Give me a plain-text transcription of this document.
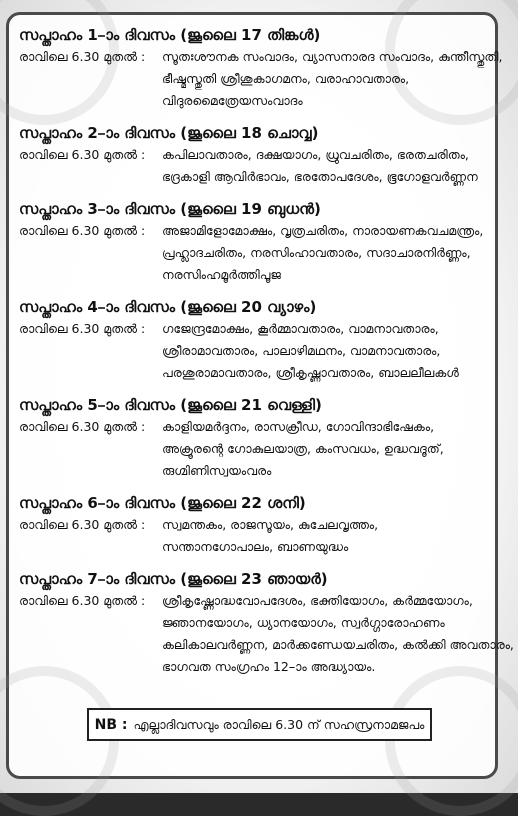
സപ്താഹം 1–ാം ദിവസം (ജൂലൈ 17 തിങ്കൾ)
രാവിലെ 6.30 മുതൽ :	സൂതഃശൗനക സംവാദം, വ്യാസനാരദ സംവാദം, കുന്തീസ്തുതി,
ഭീഷ്മസ്തുതി ശ്രീശുകാഗമനം, വരാഹാവതാരം,
വിദുരമൈത്രേയസംവാദം
സപ്താഹം 2–ാം ദിവസം (ജൂലൈ 18 ചൊവ്വ)
രാവിലെ 6.30 മുതൽ :	കപിലാവതാരം, ദക്ഷയാഗം, ധ്രുവചരിതം, ഭരതചരിതം,
ഭദ്രകാളി ആവിർഭാവം, ഭരതോപദേശം, ഭൂഗോളവർണ്ണന
സപ്താഹം 3–ാം ദിവസം (ജൂലൈ 19 ബുധൻ)
രാവിലെ 6.30 മുതൽ :	അജാമിളോമോക്ഷം, വൃത്രചരിതം, നാരായണകവചമന്ത്രം,
പ്രഹ്ലാദചരിതം, നരസിംഹാവതാരം, സദാചാരനിർണ്ണം,
നരസിംഹമൂർത്തിപൂജ
സപ്താഹം 4–ാം ദിവസം (ജൂലൈ 20 വ്യാഴം)
രാവിലെ 6.30 മുതൽ :	ഗജേന്ദ്രമോക്ഷം, കൂർമ്മാവതാരം, വാമനാവതാരം,
ശ്രീരാമാവതാരം, പാലാഴിമഥനം, വാമനാവതാരം,
പരശുരാമാവതാരം, ശ്രീകൃഷ്ണാവതാരം, ബാലലീലകൾ
സപ്താഹം 5–ാം ദിവസം (ജൂലൈ 21 വെള്ളി)
രാവിലെ 6.30 മുതൽ :	കാളിയമർദ്ദനം, രാസക്രീഡ, ഗോവിന്ദാഭിഷേകം,
അക്രൂരന്റെ ഗോകുലയാത്ര, കംസവധം, ഉദ്ധവദൂത്,
രുഗ്മിണിസ്വയംവരം
സപ്താഹം 6–ാം ദിവസം (ജൂലൈ 22 ശനി)
രാവിലെ 6.30 മുതൽ :	സ്വമന്തകം, രാജസൂയം, കുചേലവൃത്തം,
സന്താനഗോപാലം, ബാണയുദ്ധം
സപ്താഹം 7–ാം ദിവസം (ജൂലൈ 23 ഞായർ)
രാവിലെ 6.30 മുതൽ :	ശ്രീകൃഷ്ണോദ്ധവോപദേശം, ഭക്തിയോഗം, കർമ്മയോഗം,
ജ്ഞാനയോഗം, ധ്യാനയോഗം, സ്വർഗ്ഗാരോഹണം
കലികാലവർണ്ണന, മാർക്കണ്ഡേയചരിതം, കൽക്കി അവതാരം,
ഭാഗവത സംഗ്രഹം 12–ാം അദ്ധ്യായം.
NB : എല്ലാദിവസവും രാവിലെ 6.30 ന് സഹസ്രനാമജപം
